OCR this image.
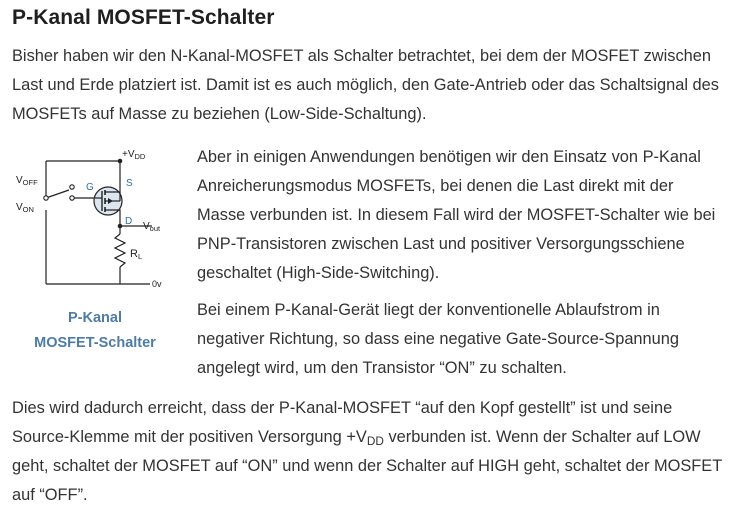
P-Kanal MOSFET-Schalter

Bisher haben wir den N-Kanal-MOSFET als Schalter betrachtet, bei dem der MOSFET zwischen Last und Erde platziert ist. Damit ist es auch möglich, den Gate-Antrieb oder das Schaltsignal des MOSFETs auf Masse zu beziehen (Low-Side-Schaltung).

$+V_{DD}$
$V_{OFF}$
$V_{ON}$
$V_{out}$
RL
0v
G	S
D
P-Kanal
MOSFET-Schalter

Aber in einigen Anwendungen benötigen wir den Einsatz von P-Kanal Anreicherungsmodus MOSFETs, bei denen die Last direkt mit der Masse verbunden ist. In diesem Fall wird der MOSFET-Schalter wie bei PNP-Transistoren zwischen Last und positiver Versorgungsschiene geschaltet (High-Side-Switching).

Bei einem P-Kanal-Gerät liegt der konventionelle Ablaufstrom in negativer Richtung, so dass eine negative Gate-Source-Spannung angelegt wird, um den Transistor “ON” zu schalten.

Dies wird dadurch erreicht, dass der P-Kanal-MOSFET “auf den Kopf gestellt” ist und seine Source-Klemme mit der positiven Versorgung $+V_{DD}$ verbunden ist. Wenn der Schalter auf LOW geht, schaltet der MOSFET auf “ON” und wenn der Schalter auf HIGH geht, schaltet der MOSFET auf “OFF”.
